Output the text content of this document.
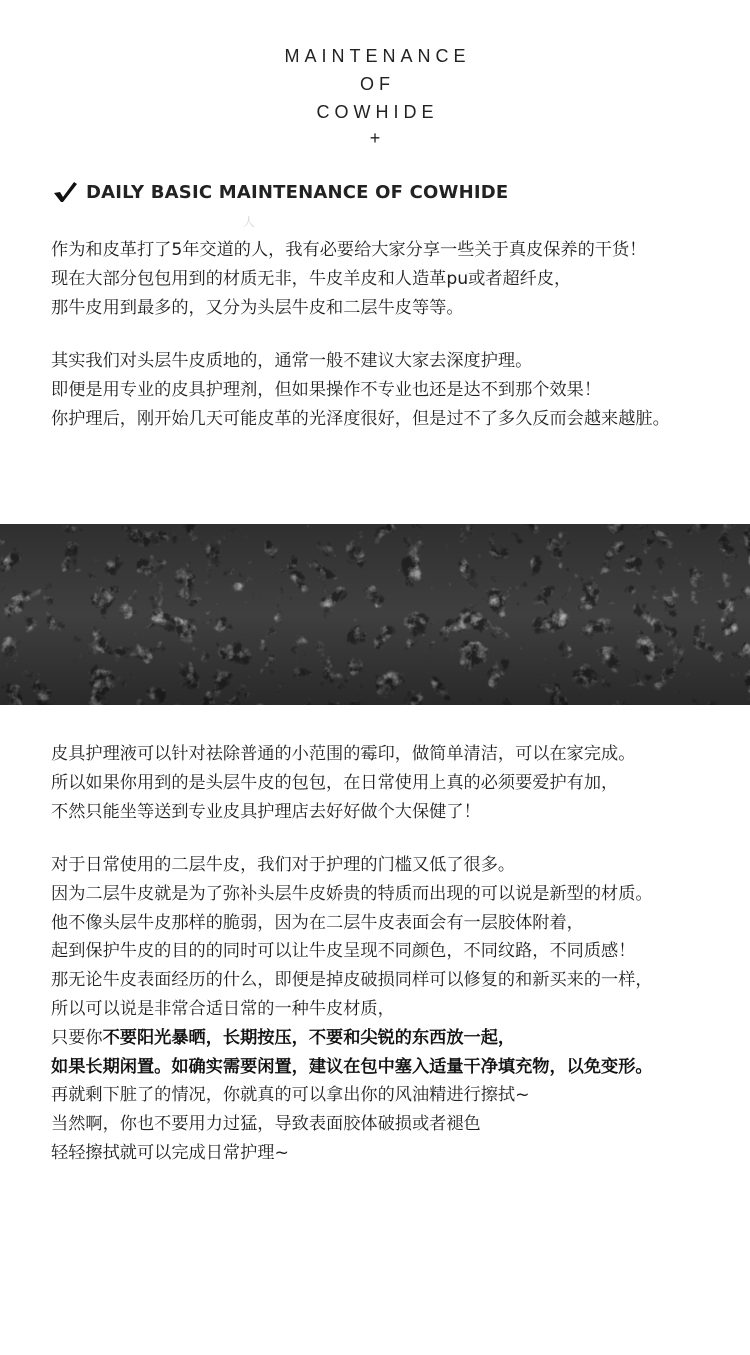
MAINTENANCE
OF
COWHIDE
+
DAILY BASIC MAINTENANCE OF COWHIDE
人
作为和皮革打了5年交道的人，我有必要给大家分享一些关于真皮保养的干货！
现在大部分包包用到的材质无非，牛皮羊皮和人造革pu或者超纤皮，
那牛皮用到最多的，又分为头层牛皮和二层牛皮等等。
其实我们对头层牛皮质地的，通常一般不建议大家去深度护理。
即便是用专业的皮具护理剂，但如果操作不专业也还是达不到那个效果！
你护理后，刚开始几天可能皮革的光泽度很好，但是过不了多久反而会越来越脏。
皮具护理液可以针对祛除普通的小范围的霉印，做简单清洁，可以在家完成。
所以如果你用到的是头层牛皮的包包，在日常使用上真的必须要爱护有加，
不然只能坐等送到专业皮具护理店去好好做个大保健了！
对于日常使用的二层牛皮，我们对于护理的门槛又低了很多。
因为二层牛皮就是为了弥补头层牛皮娇贵的特质而出现的可以说是新型的材质。
他不像头层牛皮那样的脆弱，因为在二层牛皮表面会有一层胶体附着，
起到保护牛皮的目的的同时可以让牛皮呈现不同颜色，不同纹路，不同质感！
那无论牛皮表面经历的什么，即便是掉皮破损同样可以修复的和新买来的一样，
所以可以说是非常合适日常的一种牛皮材质，
只要你不要阳光暴晒，长期按压，不要和尖锐的东西放一起，
如果长期闲置。如确实需要闲置，建议在包中塞入适量干净填充物，以免变形。
再就剩下脏了的情况，你就真的可以拿出你的风油精进行擦拭~
当然啊，你也不要用力过猛，导致表面胶体破损或者褪色
轻轻擦拭就可以完成日常护理~
